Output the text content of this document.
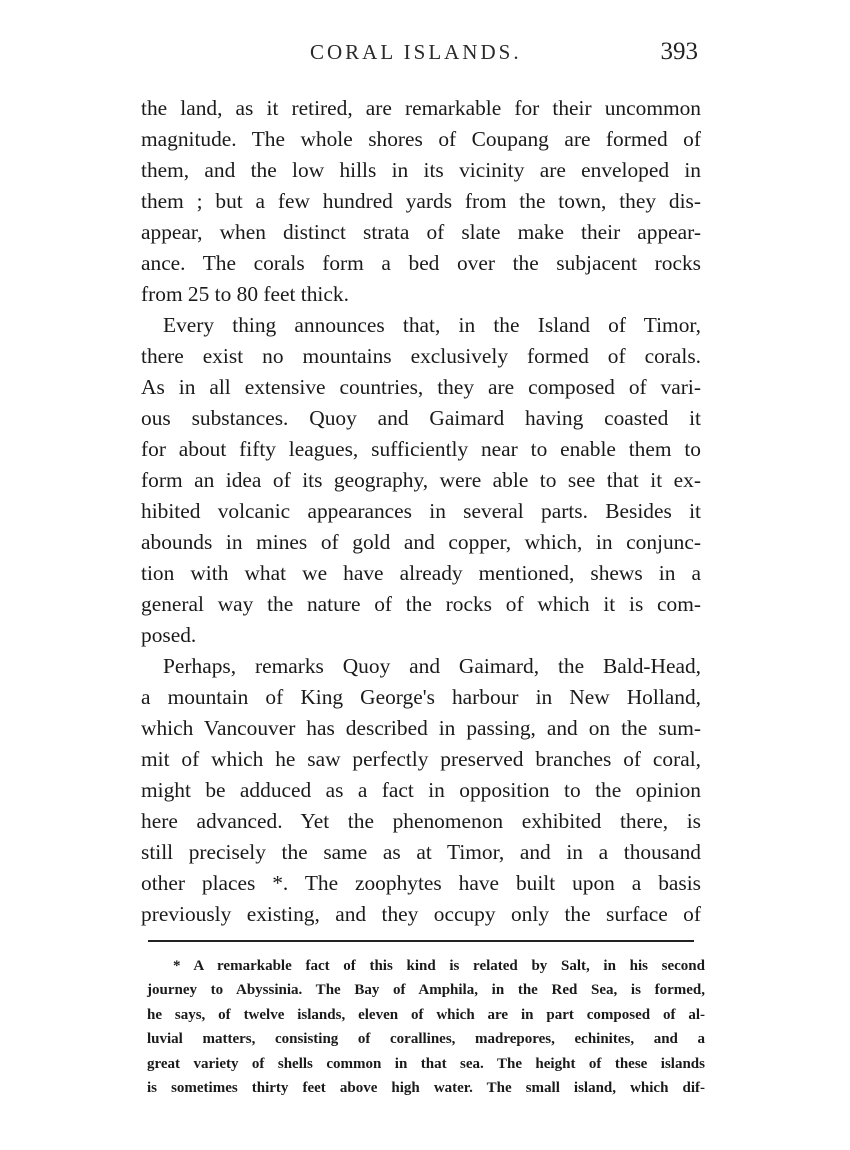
CORAL ISLANDS.	393
the land, as it retired, are remarkable for their uncommon
magnitude. The whole shores of Coupang are formed of
them, and the low hills in its vicinity are enveloped in
them ; but a few hundred yards from the town, they dis-
appear, when distinct strata of slate make their appear-
ance. The corals form a bed over the subjacent rocks
from 25 to 80 feet thick.
Every thing announces that, in the Island of Timor,
there exist no mountains exclusively formed of corals.
As in all extensive countries, they are composed of vari-
ous substances. Quoy and Gaimard having coasted it
for about fifty leagues, sufficiently near to enable them to
form an idea of its geography, were able to see that it ex-
hibited volcanic appearances in several parts. Besides it
abounds in mines of gold and copper, which, in conjunc-
tion with what we have already mentioned, shews in a
general way the nature of the rocks of which it is com-
posed.
Perhaps, remarks Quoy and Gaimard, the Bald-Head,
a mountain of King George's harbour in New Holland,
which Vancouver has described in passing, and on the sum-
mit of which he saw perfectly preserved branches of coral,
might be adduced as a fact in opposition to the opinion
here advanced. Yet the phenomenon exhibited there, is
still precisely the same as at Timor, and in a thousand
other places *. The zoophytes have built upon a basis
previously existing, and they occupy only the surface of
* A remarkable fact of this kind is related by Salt, in his second
journey to Abyssinia. The Bay of Amphila, in the Red Sea, is formed,
he says, of twelve islands, eleven of which are in part composed of al-
luvial matters, consisting of corallines, madrepores, echinites, and a
great variety of shells common in that sea. The height of these islands
is sometimes thirty feet above high water. The small island, which dif-
